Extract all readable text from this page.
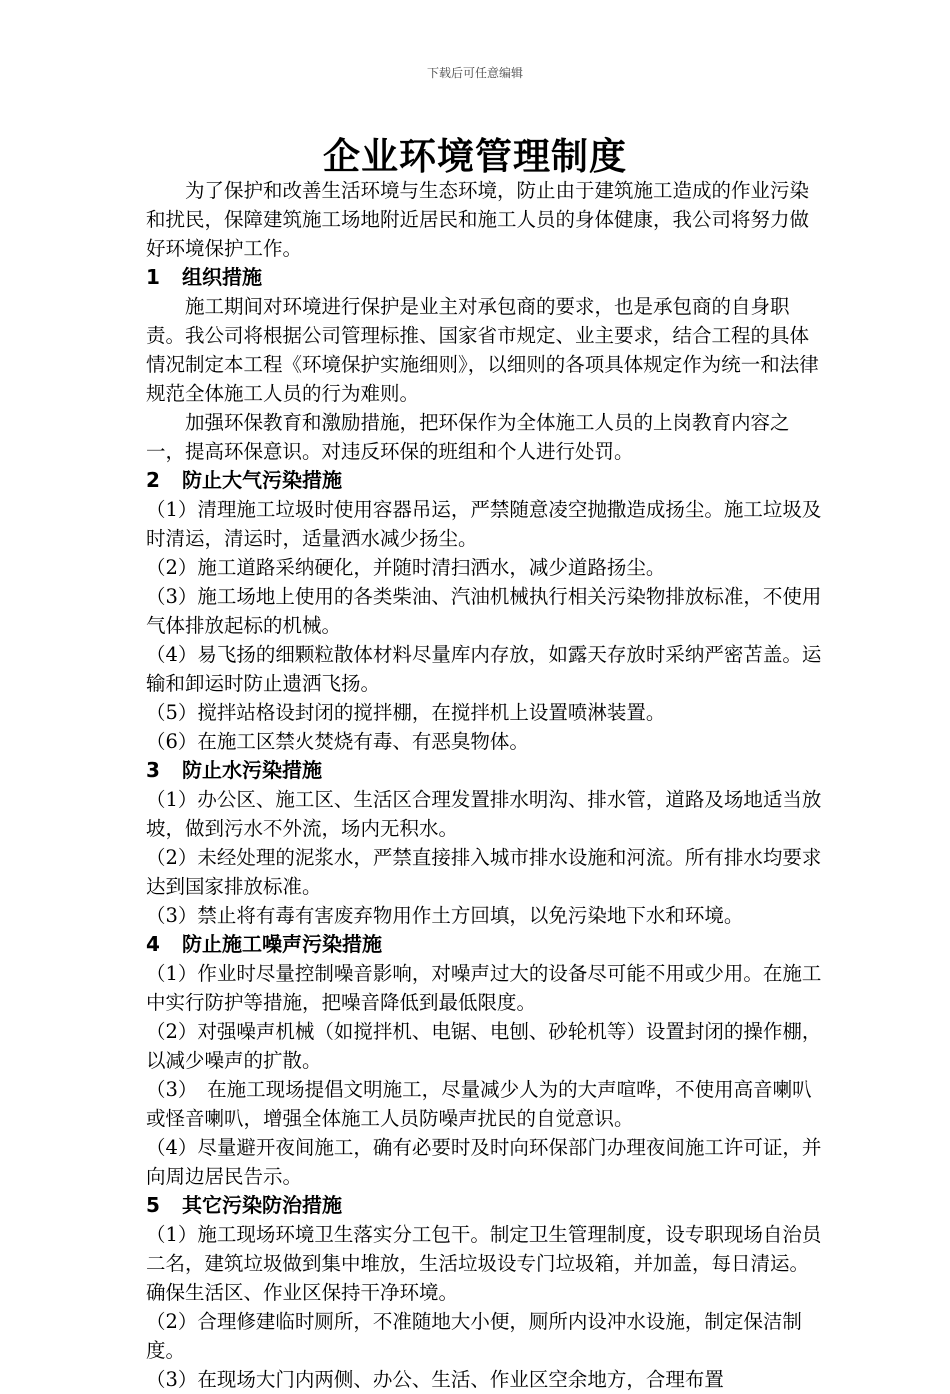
下载后可任意编辑
企业环境管理制度

为了保护和改善生活环境与生态环境，防止由于建筑施工造成的作业污染和扰民，保障建筑施工场地附近居民和施工人员的身体健康，我公司将努力做好环境保护工作。

1 组织措施

施工期间对环境进行保护是业主对承包商的要求，也是承包商的自身职责。我公司将根据公司管理标推、国家省市规定、业主要求，结合工程的具体情况制定本工程《环境保护实施细则》，以细则的各项具体规定作为统一和法律规范全体施工人员的行为难则。

加强环保教育和激励措施，把环保作为全体施工人员的上岗教育内容之一，提高环保意识。对违反环保的班组和个人进行处罚。

2 防止大气污染措施

（1）清理施工垃圾时使用容器吊运，严禁随意凌空抛撒造成扬尘。施工垃圾及时清运，清运时，适量洒水减少扬尘。

（2）施工道路采纳硬化，并随时清扫洒水，减少道路扬尘。

（3）施工场地上使用的各类柴油、汽油机械执行相关污染物排放标准，不使用气体排放起标的机械。

（4）易飞扬的细颗粒散体材料尽量库内存放，如露天存放时采纳严密苫盖。运输和卸运时防止遗洒飞扬。

（5）搅拌站格设封闭的搅拌棚，在搅拌机上设置喷淋装置。

（6）在施工区禁火焚烧有毒、有恶臭物体。

3 防止水污染措施

（1）办公区、施工区、生活区合理发置排水明沟、排水管，道路及场地适当放坡，做到污水不外流，场内无积水。

（2）未经处理的泥浆水，严禁直接排入城市排水设施和河流。所有排水均要求达到国家排放标准。

（3）禁止将有毒有害废弃物用作土方回填，以免污染地下水和环境。

4 防止施工噪声污染措施

（1）作业时尽量控制噪音影响，对噪声过大的设备尽可能不用或少用。在施工中实行防护等措施，把噪音降低到最低限度。

（2）对强噪声机械（如搅拌机、电锯、电刨、砂轮机等）设置封闭的操作棚，以减少噪声的扩散。

（3）　在施工现场提倡文明施工，尽量减少人为的大声喧哗，不使用高音喇叭或怪音喇叭，增强全体施工人员防噪声扰民的自觉意识。

（4）尽量避开夜间施工，确有必要时及时向环保部门办理夜间施工许可证，并向周边居民告示。

5 其它污染防治措施

（1）施工现场环境卫生落实分工包干。制定卫生管理制度，设专职现场自治员二名，建筑垃圾做到集中堆放，生活垃圾设专门垃圾箱，并加盖，每日清运。确保生活区、作业区保持干净环境。

（2）合理修建临时厕所，不准随地大小便，厕所内设冲水设施，制定保洁制度。

（3）在现场大门内两侧、办公、生活、作业区空余地方，合理布置
